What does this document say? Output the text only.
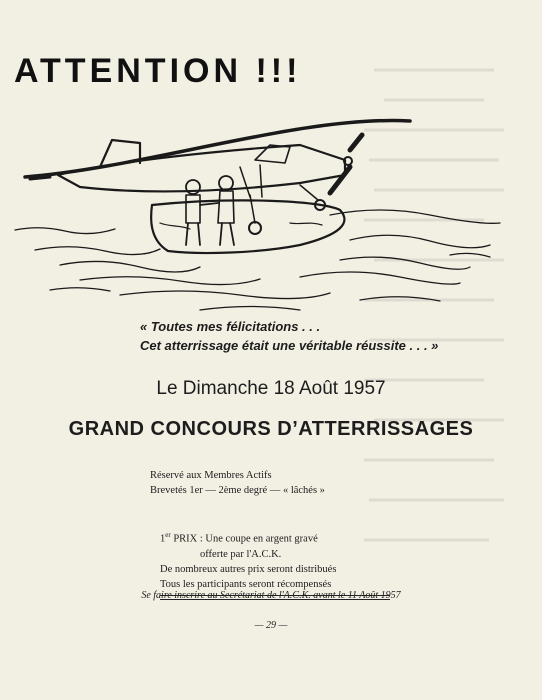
ATTENTION !!!
« Toutes mes félicitations . . .
Cet atterrissage était une véritable réussite . . . »
Le Dimanche 18 Août 1957
GRAND CONCOURS D’ATTERRISSAGES
Réservé aux Membres Actifs
Brevetés 1er — 2ème degré — « lâchés »
1er PRIX : Une coupe en argent gravé
offerte par l'A.C.K.
De nombreux autres prix seront distribués
Tous les participants seront récompensés
Se faire inscrire au Secrétariat de l'A.C.K. avant le 11 Août 1957
— 29 —
